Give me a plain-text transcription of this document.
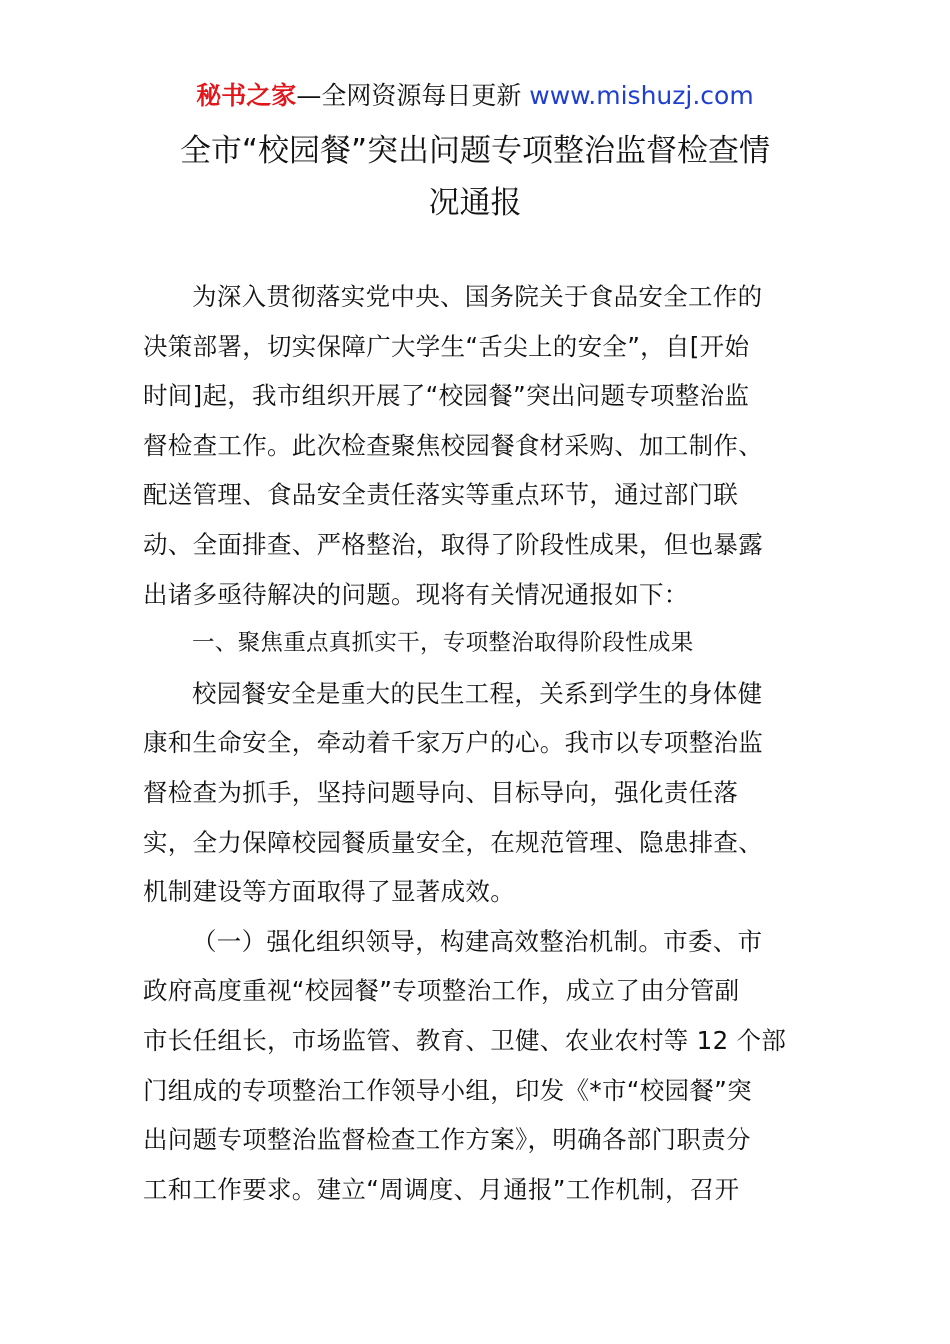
秘书之家—全网资源每日更新 www.mishuzj.com
全市“校园餐”突出问题专项整治监督检查情
况通报
为深入贯彻落实党中央、国务院关于食品安全工作的
决策部署，切实保障广大学生“舌尖上的安全”，自[开始
时间]起，我市组织开展了“校园餐”突出问题专项整治监
督检查工作。此次检查聚焦校园餐食材采购、加工制作、
配送管理、食品安全责任落实等重点环节，通过部门联
动、全面排查、严格整治，取得了阶段性成果，但也暴露
出诸多亟待解决的问题。现将有关情况通报如下：
一、聚焦重点真抓实干，专项整治取得阶段性成果
校园餐安全是重大的民生工程，关系到学生的身体健
康和生命安全，牵动着千家万户的心。我市以专项整治监
督检查为抓手，坚持问题导向、目标导向，强化责任落
实，全力保障校园餐质量安全，在规范管理、隐患排查、
机制建设等方面取得了显著成效。
（一）强化组织领导，构建高效整治机制。市委、市
政府高度重视“校园餐”专项整治工作，成立了由分管副
市长任组长，市场监管、教育、卫健、农业农村等 12 个部
门组成的专项整治工作领导小组，印发《*市“校园餐”突
出问题专项整治监督检查工作方案》，明确各部门职责分
工和工作要求。建立“周调度、月通报”工作机制，召开
